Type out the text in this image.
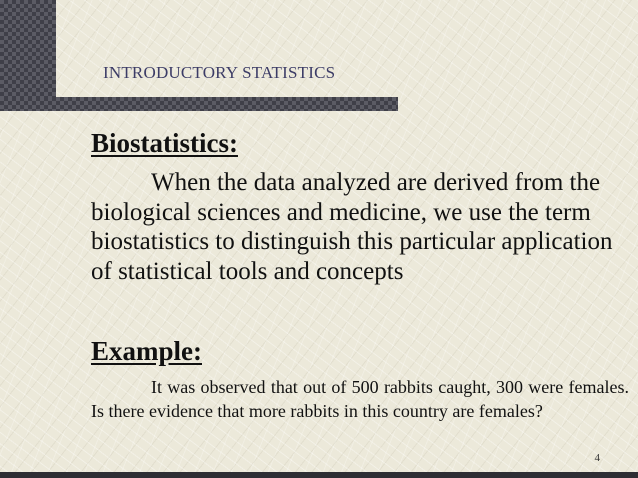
INTRODUCTORY STATISTICS
Biostatistics:

When the data analyzed are derived from the biological sciences and medicine, we use the term biostatistics to distinguish this particular application of statistical tools and concepts

Example:

It was observed that out of 500 rabbits caught, 300 were females. Is there evidence that more rabbits in this country are females?

4
